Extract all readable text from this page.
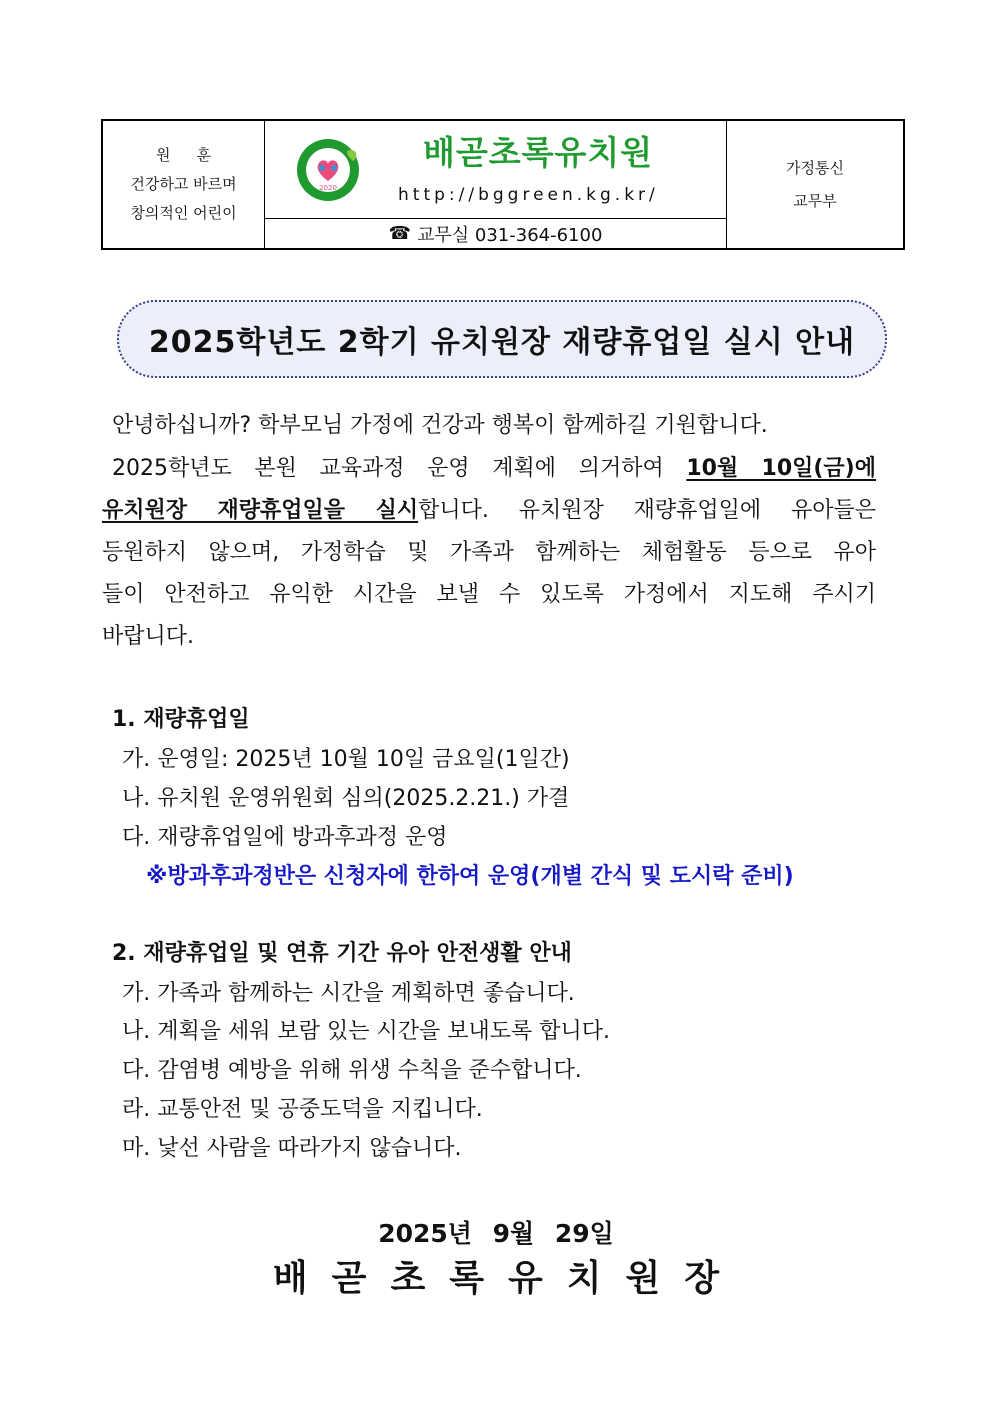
원훈
건강하고 바르며
창의적인 어린이
2020
배곧초록유치원
http://bggreen.kg.kr/
☎ 교무실 031-364-6100
가정통신
교무부
2025학년도 2학기 유치원장 재량휴업일 실시 안내
안녕하십니까? 학부모님 가정에 건강과 행복이 함께하길 기원합니다.
2025학년도 본원 교육과정 운영 계획에 의거하여 10월 10일(금)에
유치원장 재량휴업일을 실시합니다. 유치원장 재량휴업일에 유아들은
등원하지 않으며, 가정학습 및 가족과 함께하는 체험활동 등으로 유아
들이 안전하고 유익한 시간을 보낼 수 있도록 가정에서 지도해 주시기
바랍니다.
1. 재량휴업일
가. 운영일: 2025년 10월 10일 금요일(1일간)
나. 유치원 운영위원회 심의(2025.2.21.) 가결
다. 재량휴업일에 방과후과정 운영
※방과후과정반은 신청자에 한하여 운영(개별 간식 및 도시락 준비)
2. 재량휴업일 및 연휴 기간 유아 안전생활 안내
가. 가족과 함께하는 시간을 계획하면 좋습니다.
나. 계획을 세워 보람 있는 시간을 보내도록 합니다.
다. 감염병 예방을 위해 위생 수칙을 준수합니다.
라. 교통안전 및 공중도덕을 지킵니다.
마. 낯선 사람을 따라가지 않습니다.
2025년 9월 29일
배곧초록유치원장
